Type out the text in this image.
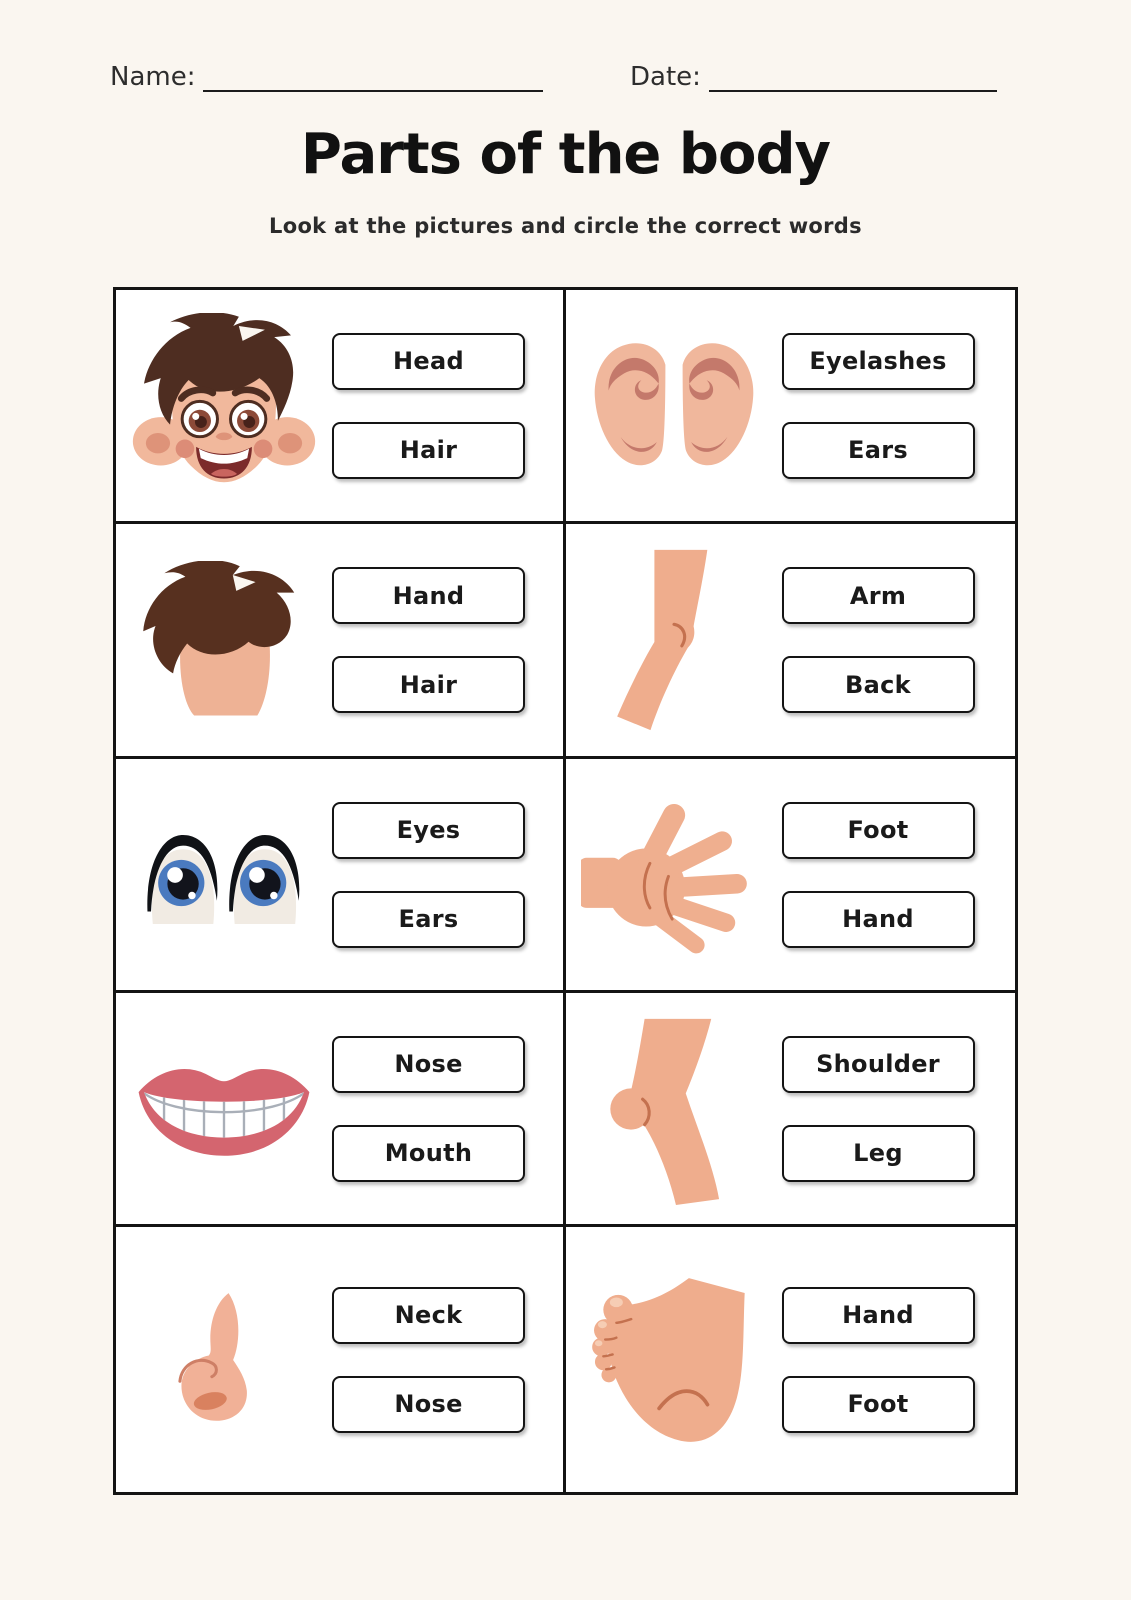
Name:	Date:
Parts of the body
Look at the pictures and circle the correct words
Head
Hair
Eyelashes
Ears
Hand
Hair
Arm
Back
Eyes
Ears
Foot
Hand
Nose
Mouth
Shoulder
Leg
Neck
Nose
Hand
Foot
